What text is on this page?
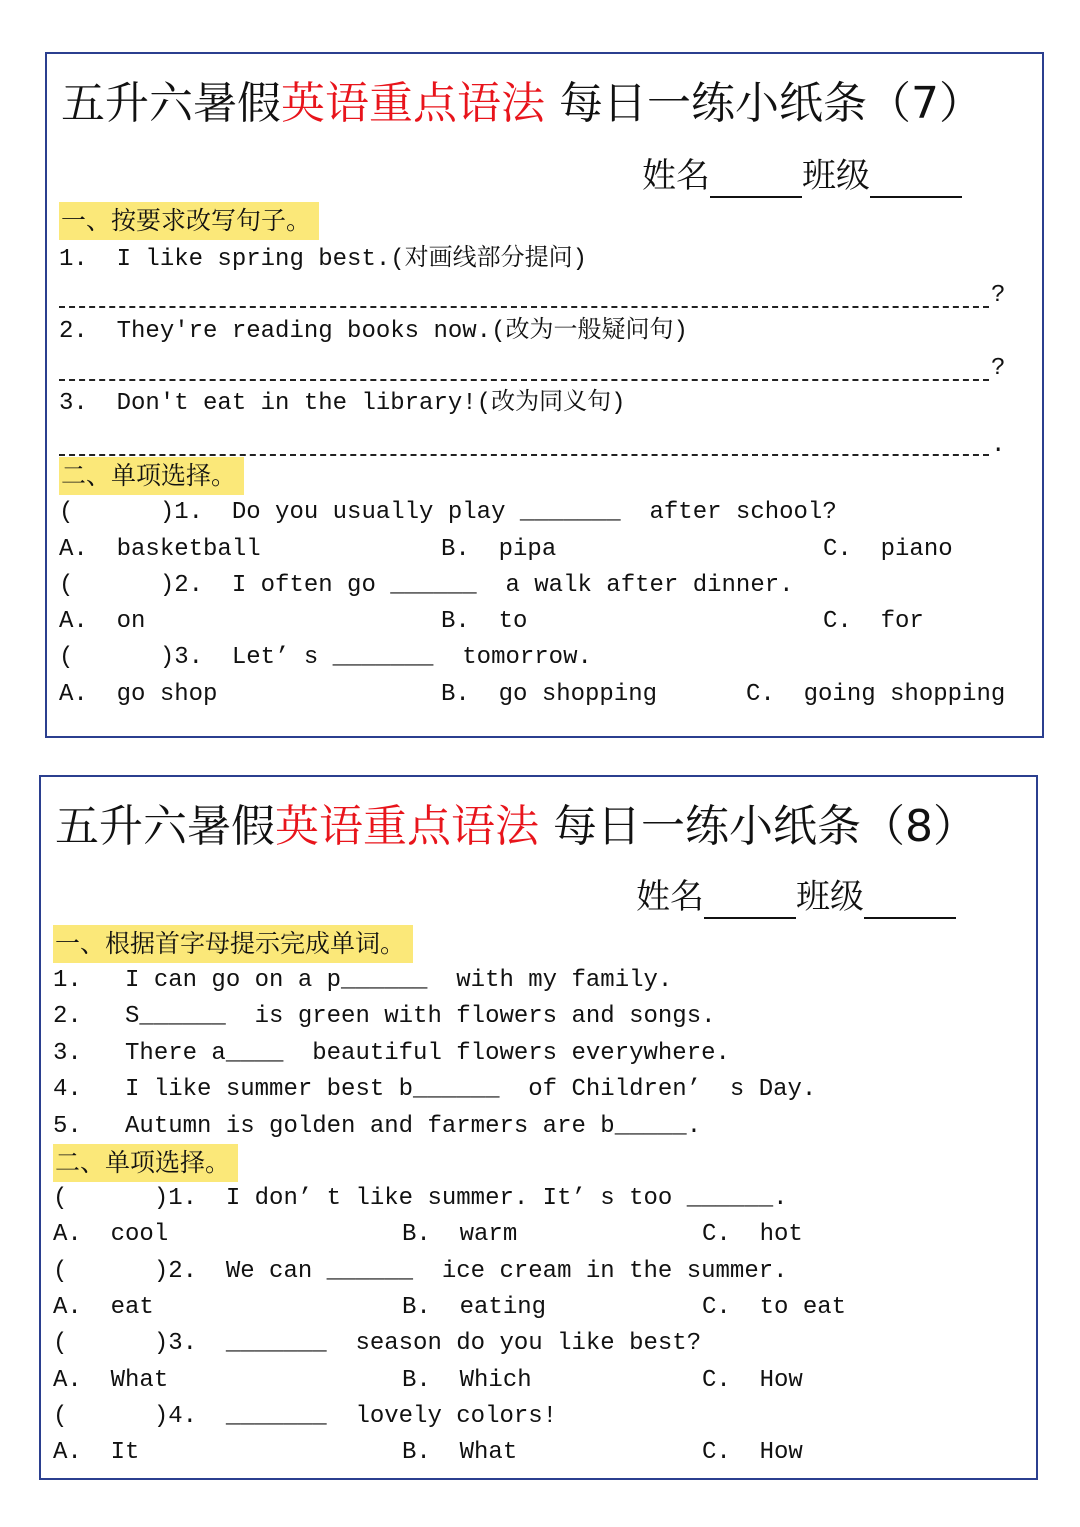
五升六暑假英语重点语法 每日一练小纸条（7）
姓名	班级
一、按要求改写句子。
1.  I like spring best.(对画线部分提问)
?
2.  They're reading books now.(改为一般疑问句)
?
3.  Don't eat in the library!(改为同义句)
.
二、单项选择。
(      )1.  Do you usually play _______  after school?
A.  basketball	B.  pipa	C.  piano
(      )2.  I often go ______  a walk after dinner.
A.  on	B.  to	C.  for
(      )3.  Let’ s _______  tomorrow.
A.  go shop	B.  go shopping	C.  going shopping
五升六暑假英语重点语法 每日一练小纸条（8）
姓名	班级
一、根据首字母提示完成单词。
1.   I can go on a p______  with my family.
2.   S______  is green with flowers and songs.
3.   There a____  beautiful flowers everywhere.
4.   I like summer best b______  of Children’  s Day.
5.   Autumn is golden and farmers are b_____.
二、单项选择。
(      )1.  I don’ t like summer. It’ s too ______.
A.  cool	B.  warm	C.  hot
(      )2.  We can ______  ice cream in the summer.
A.  eat	B.  eating	C.  to eat
(      )3.  _______  season do you like best?
A.  What	B.  Which	C.  How
(      )4.  _______  lovely colors!
A.  It	B.  What	C.  How
